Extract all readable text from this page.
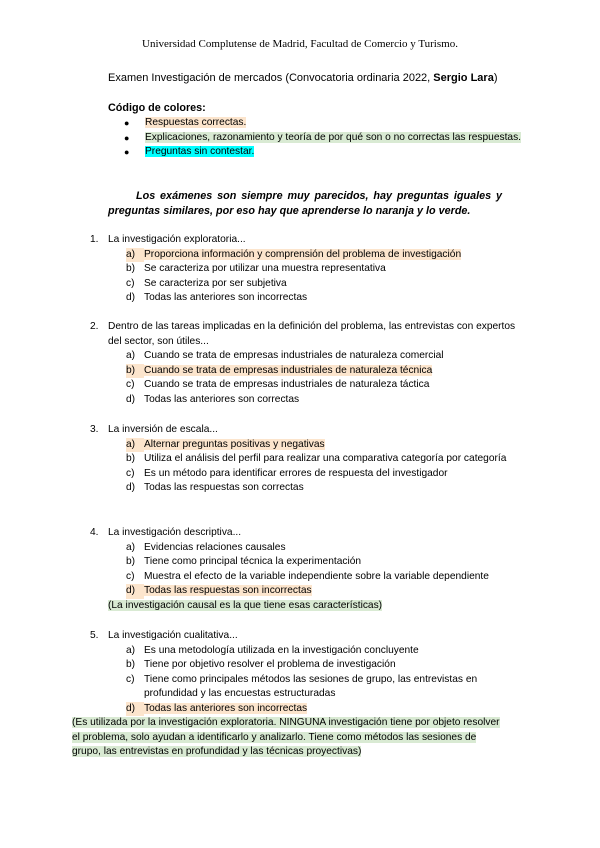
Universidad Complutense de Madrid, Facultad de Comercio y Turismo.
Examen Investigación de mercados (Convocatoria ordinaria 2022, Sergio Lara)
Código de colores:
●	Respuestas correctas.
●	Explicaciones, razonamiento y teoría de por qué son o no correctas las respuestas.
●	Preguntas sin contestar.
Los exámenes son siempre muy parecidos, hay preguntas iguales y preguntas similares, por eso hay que aprenderse lo naranja y lo verde.
1. La investigación exploratoria...
a) Proporciona información y comprensión del problema de investigación
b) Se caracteriza por utilizar una muestra representativa
c) Se caracteriza por ser subjetiva
d) Todas las anteriores son incorrectas
2. Dentro de las tareas implicadas en la definición del problema, las entrevistas con expertos del sector, son útiles...
a) Cuando se trata de empresas industriales de naturaleza comercial
b) Cuando se trata de empresas industriales de naturaleza técnica
c) Cuando se trata de empresas industriales de naturaleza táctica
d) Todas las anteriores son correctas
3. La inversión de escala...
a) Alternar preguntas positivas y negativas
b) Utiliza el análisis del perfil para realizar una comparativa categoría por categoría
c) Es un método para identificar errores de respuesta del investigador
d) Todas las respuestas son correctas
4. La investigación descriptiva...
a) Evidencias relaciones causales
b) Tiene como principal técnica la experimentación
c) Muestra el efecto de la variable independiente sobre la variable dependiente
d) Todas las respuestas son incorrectas
(La investigación causal es la que tiene esas características)
5. La investigación cualitativa...
a) Es una metodología utilizada en la investigación concluyente
b) Tiene por objetivo resolver el problema de investigación
c) Tiene como principales métodos las sesiones de grupo, las entrevistas en profundidad y las encuestas estructuradas
d) Todas las anteriores son incorrectas
(Es utilizada por la investigación exploratoria. NINGUNA investigación tiene por objeto resolver el problema, solo ayudan a identificarlo y analizarlo. Tiene como métodos las sesiones de grupo, las entrevistas en profundidad y las técnicas proyectivas)
